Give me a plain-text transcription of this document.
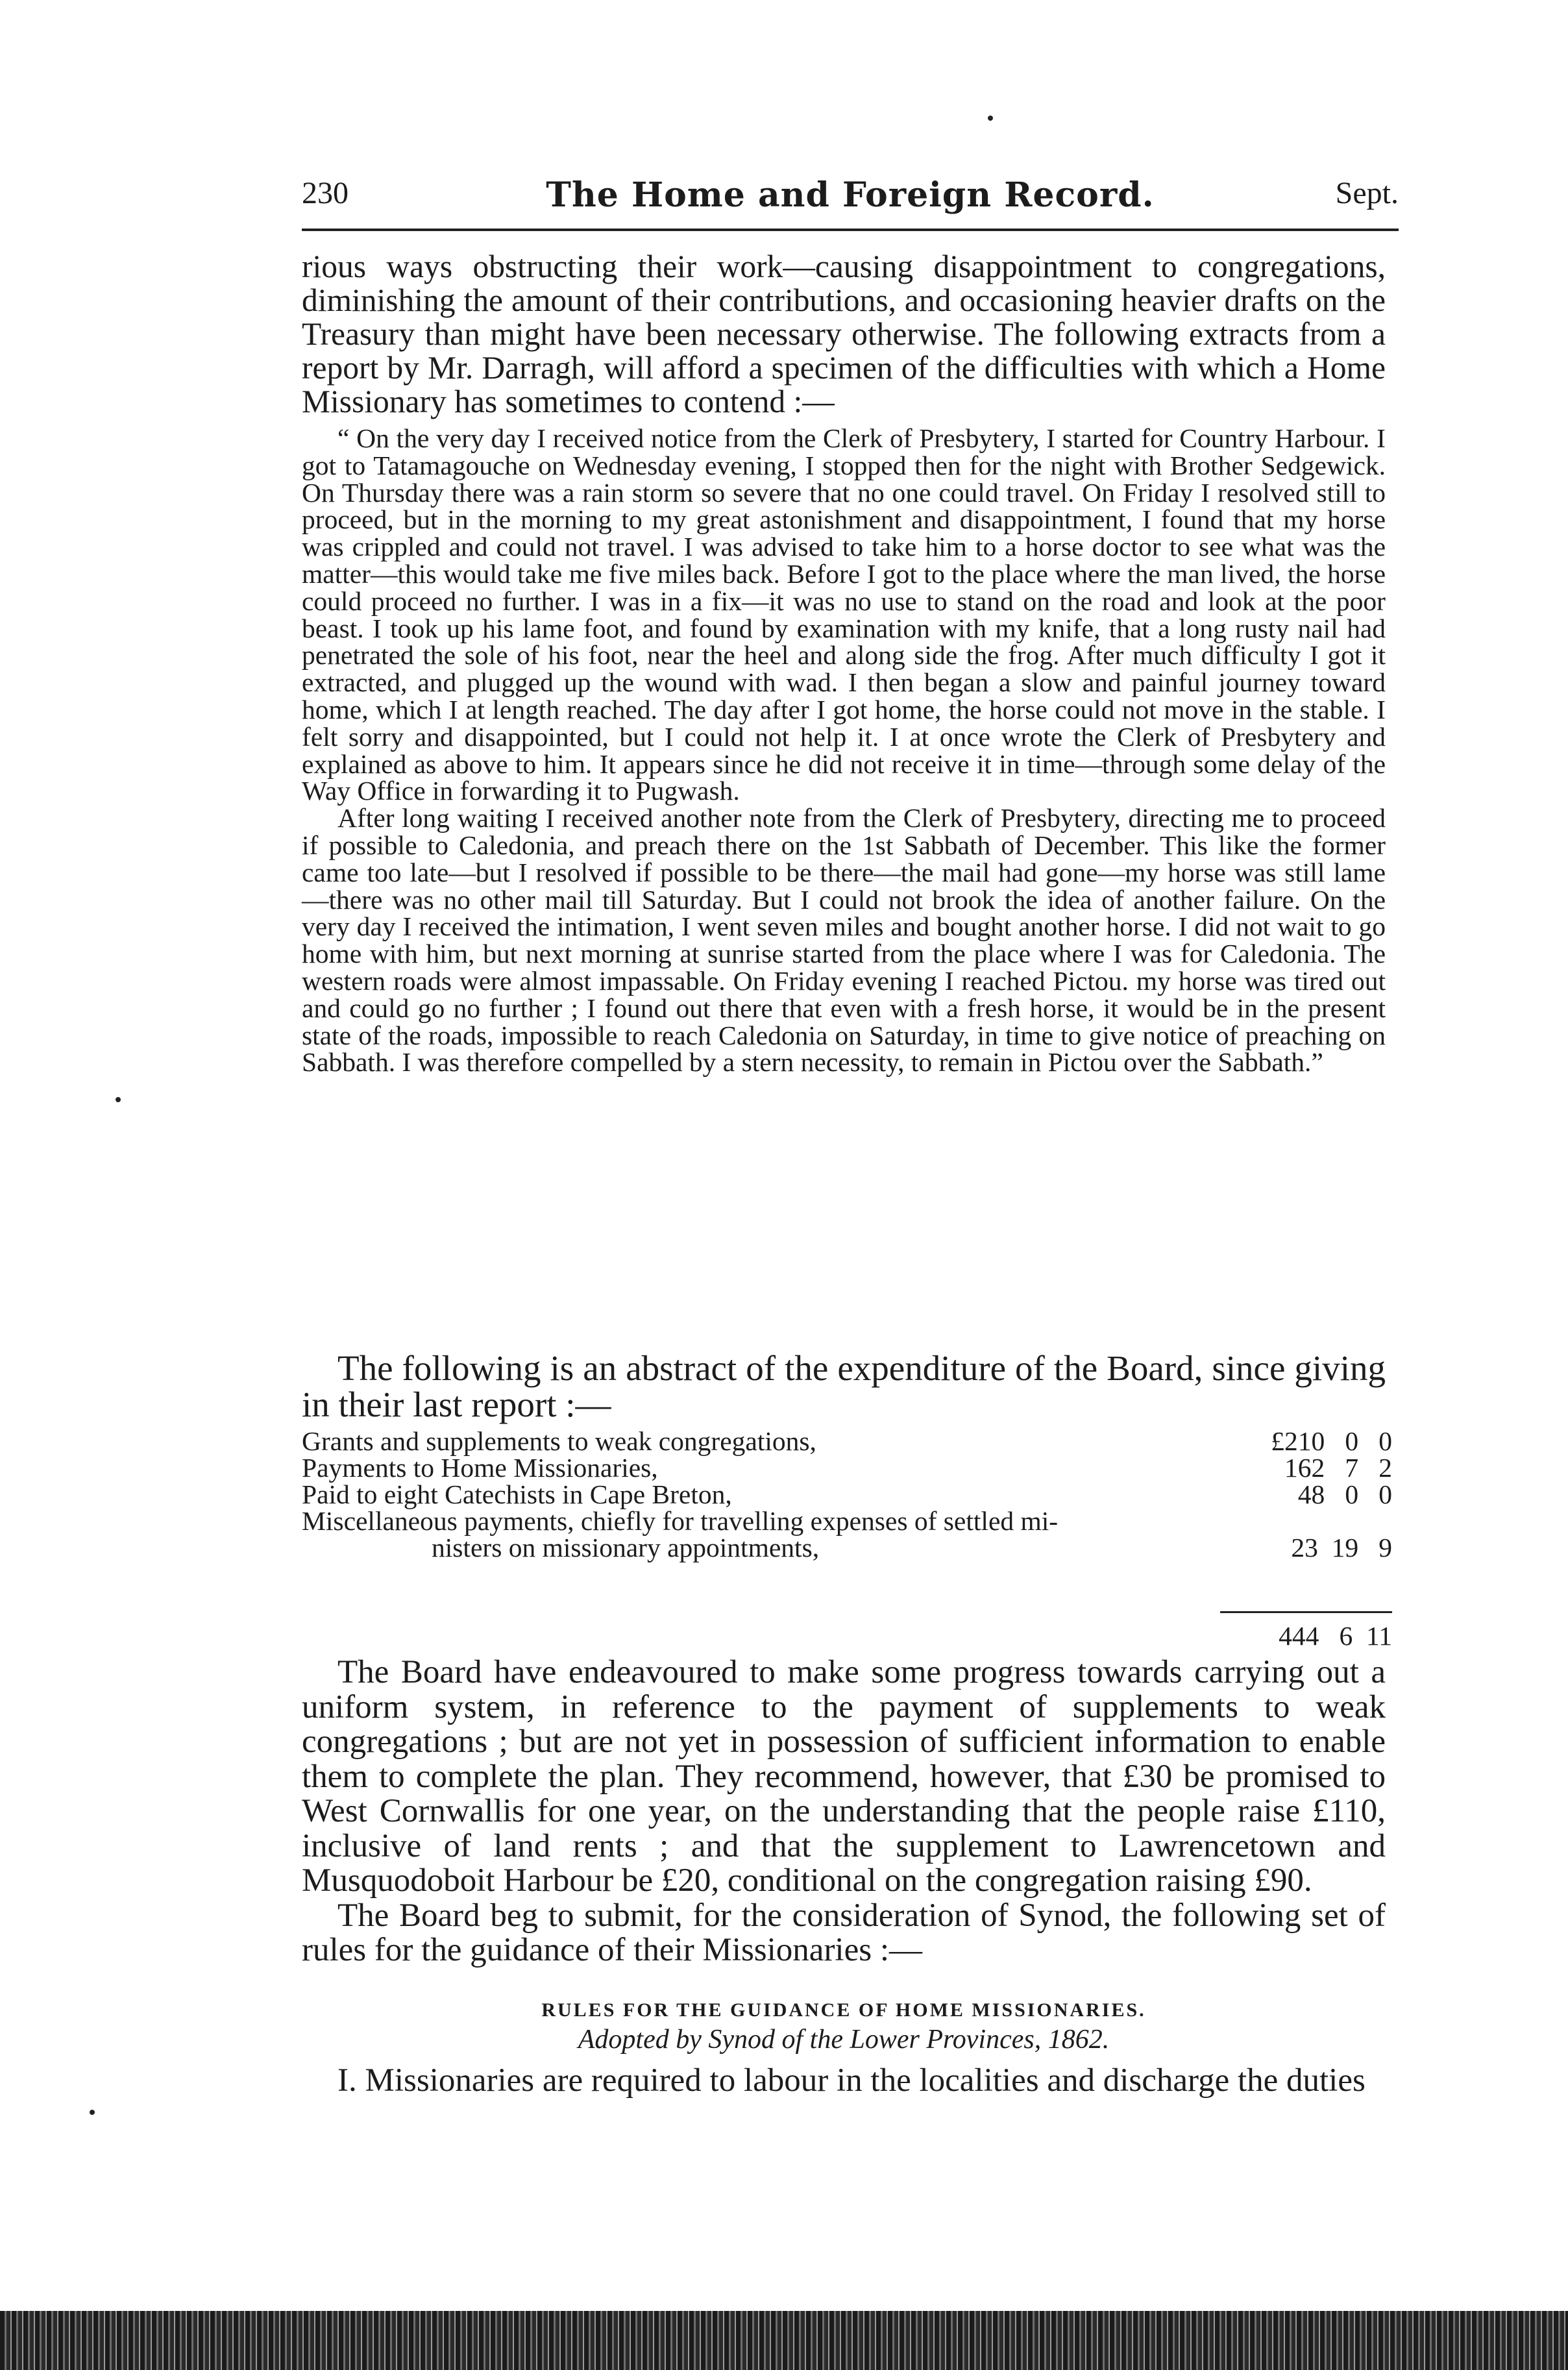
230	The Home and Foreign Record.	Sept.

rious ways obstructing their work—causing disappointment to congregations, diminishing the amount of their contributions, and occasioning heavier drafts on the Treasury than might have been necessary otherwise. The following extracts from a report by Mr. Darragh, will afford a specimen of the difficulties with which a Home Missionary has sometimes to contend :—

“ On the very day I received notice from the Clerk of Presbytery, I started for Country Harbour. I got to Tatamagouche on Wednesday evening, I stopped then for the night with Brother Sedgewick. On Thursday there was a rain storm so severe that no one could travel. On Friday I resolved still to proceed, but in the morning to my great astonishment and disappointment, I found that my horse was crippled and could not travel. I was advised to take him to a horse doctor to see what was the matter—this would take me five miles back. Before I got to the place where the man lived, the horse could proceed no further. I was in a fix—it was no use to stand on the road and look at the poor beast. I took up his lame foot, and found by examination with my knife, that a long rusty nail had penetrated the sole of his foot, near the heel and along side the frog. After much difficulty I got it extracted, and plugged up the wound with wad. I then began a slow and painful journey toward home, which I at length reached. The day after I got home, the horse could not move in the stable. I felt sorry and disappointed, but I could not help it. I at once wrote the Clerk of Presbytery and explained as above to him. It appears since he did not receive it in time—through some delay of the Way Office in forwarding it to Pugwash.

After long waiting I received another note from the Clerk of Presbytery, directing me to proceed if possible to Caledonia, and preach there on the 1st Sabbath of December. This like the former came too late—but I resolved if possible to be there—the mail had gone—my horse was still lame —there was no other mail till Saturday. But I could not brook the idea of another failure. On the very day I received the intimation, I went seven miles and bought another horse. I did not wait to go home with him, but next morning at sunrise started from the place where I was for Caledonia. The western roads were almost impassable. On Friday evening I reached Pictou. my horse was tired out and could go no further ; I found out there that even with a fresh horse, it would be in the present state of the roads, impossible to reach Caledonia on Saturday, in time to give notice of preaching on Sabbath. I was therefore compelled by a stern necessity, to remain in Pictou over the Sabbath.”

The following is an abstract of the expenditure of the Board, since giving in their last report :—

Grants and supplements to weak congregations,	£210   0   0
Payments to Home Missionaries,	162   7   2
Paid to eight Catechists in Cape Breton,	48   0   0
Miscellaneous payments, chiefly for travelling expenses of settled mi-	
nisters on missionary appointments,	23  19   9
444   6  11

The Board have endeavoured to make some progress towards carrying out a uniform system, in reference to the payment of supplements to weak congregations ; but are not yet in possession of sufficient information to enable them to complete the plan. They recommend, however, that £30 be promised to West Cornwallis for one year, on the understanding that the people raise £110, inclusive of land rents ; and that the supplement to Lawrencetown and Musquodoboit Harbour be £20, conditional on the congregation raising £90.

The Board beg to submit, for the consideration of Synod, the following set of rules for the guidance of their Missionaries :—

RULES FOR THE GUIDANCE OF HOME MISSIONARIES.
Adopted by Synod of the Lower Provinces, 1862.

I. Missionaries are required to labour in the localities and discharge the duties
